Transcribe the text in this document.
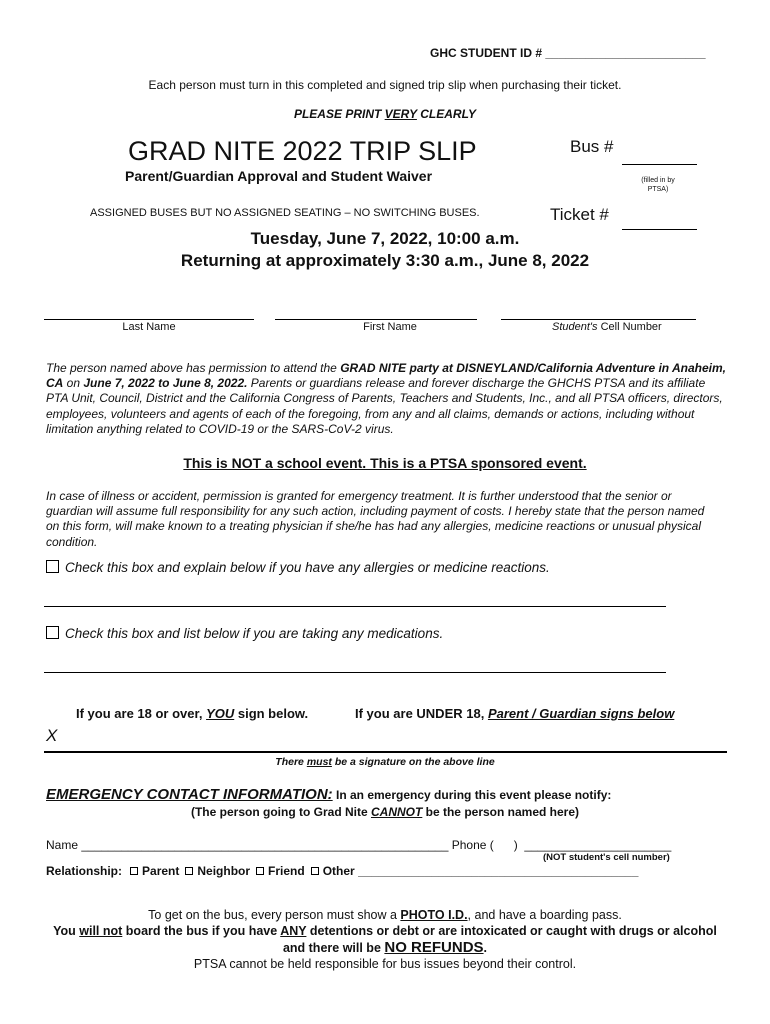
GHC STUDENT ID # ________________________
Each person must turn in this completed and signed trip slip when purchasing their ticket.
PLEASE PRINT VERY CLEARLY
GRAD NITE 2022 TRIP SLIP
Parent/Guardian Approval and Student Waiver
ASSIGNED BUSES BUT NO ASSIGNED SEATING – NO SWITCHING BUSES.
Bus #
(filled in by
PTSA)
Ticket #
Tuesday, June 7, 2022, 10:00 a.m.
Returning at approximately 3:30 a.m., June 8, 2022
Last Name	First Name	Student's Cell Number
The person named above has permission to attend the GRAD NITE party at DISNEYLAND/California Adventure in Anaheim, CA on June 7, 2022 to June 8, 2022. Parents or guardians release and forever discharge the GHCHS PTSA and its affiliate PTA Unit, Council, District and the California Congress of Parents, Teachers and Students, Inc., and all PTSA officers, directors, employees, volunteers and agents of each of the foregoing, from any and all claims, demands or actions, including without limitation anything related to COVID-19 or the SARS-CoV-2 virus.
This is NOT a school event. This is a PTSA sponsored event.
In case of illness or accident, permission is granted for emergency treatment. It is further understood that the senior or guardian will assume full responsibility for any such action, including payment of costs. I hereby state that the person named on this form, will make known to a treating physician if she/he has had any allergies, medicine reactions or unusual physical condition.
Check this box and explain below if you have any allergies or medicine reactions.
Check this box and list below if you are taking any medications.
If you are 18 or over, YOU sign below.	If you are UNDER 18, Parent / Guardian signs below
X
There must be a signature on the above line
EMERGENCY CONTACT INFORMATION: In an emergency during this event please notify:
(The person going to Grad Nite CANNOT be the person named here)
Name _______________________________________________________ Phone (      )  ______________________
(NOT student's cell number)
Relationship: Parent Neighbor Friend Other __________________________________________
To get on the bus, every person must show a PHOTO I.D., and have a boarding pass.
You will not board the bus if you have ANY detentions or debt or are intoxicated or caught with drugs or alcohol
and there will be NO REFUNDS.
PTSA cannot be held responsible for bus issues beyond their control.
